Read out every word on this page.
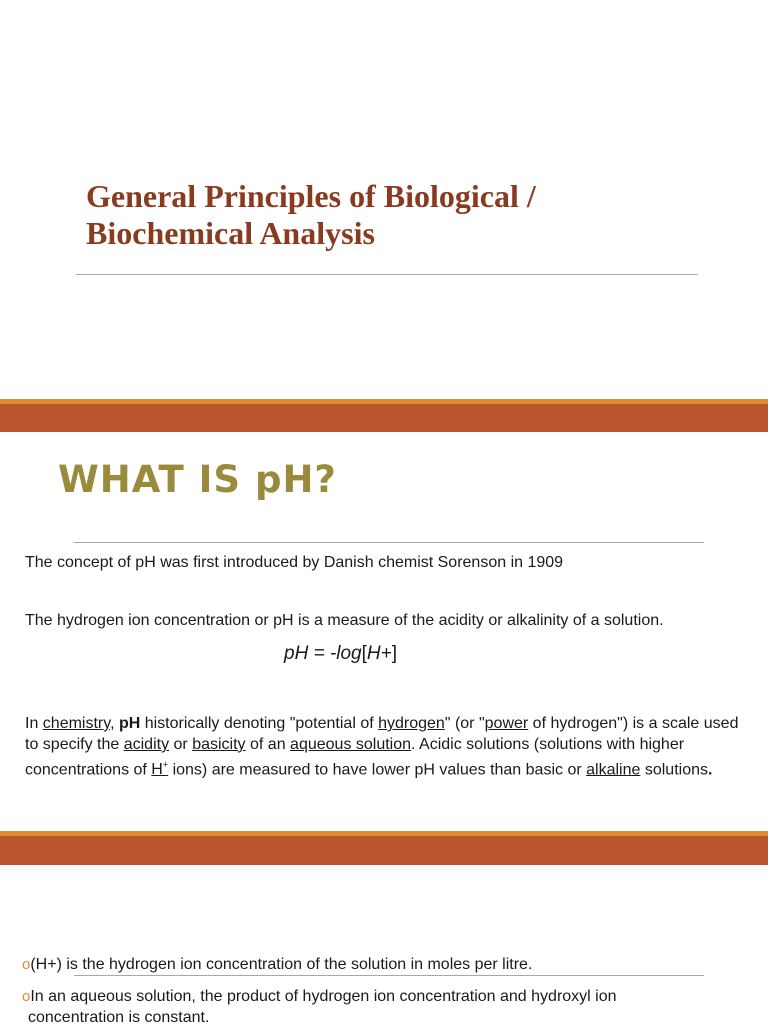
General Principles of Biological /
Biochemical Analysis
WHAT IS pH?
The concept of pH was first introduced by Danish chemist Sorenson in 1909
The hydrogen ion concentration or pH is a measure of the acidity or alkalinity of a solution.
pH = -log[H+]
In chemistry, pH historically denoting "potential of hydrogen" (or "power of hydrogen") is a scale used to specify the acidity or basicity of an aqueous solution. Acidic solutions (solutions with higher concentrations of H+ ions) are measured to have lower pH values than basic or alkaline solutions.
o(H+) is the hydrogen ion concentration of the solution in moles per litre.
oIn an aqueous solution, the product of hydrogen ion concentration and hydroxyl ion
concentration is constant.
